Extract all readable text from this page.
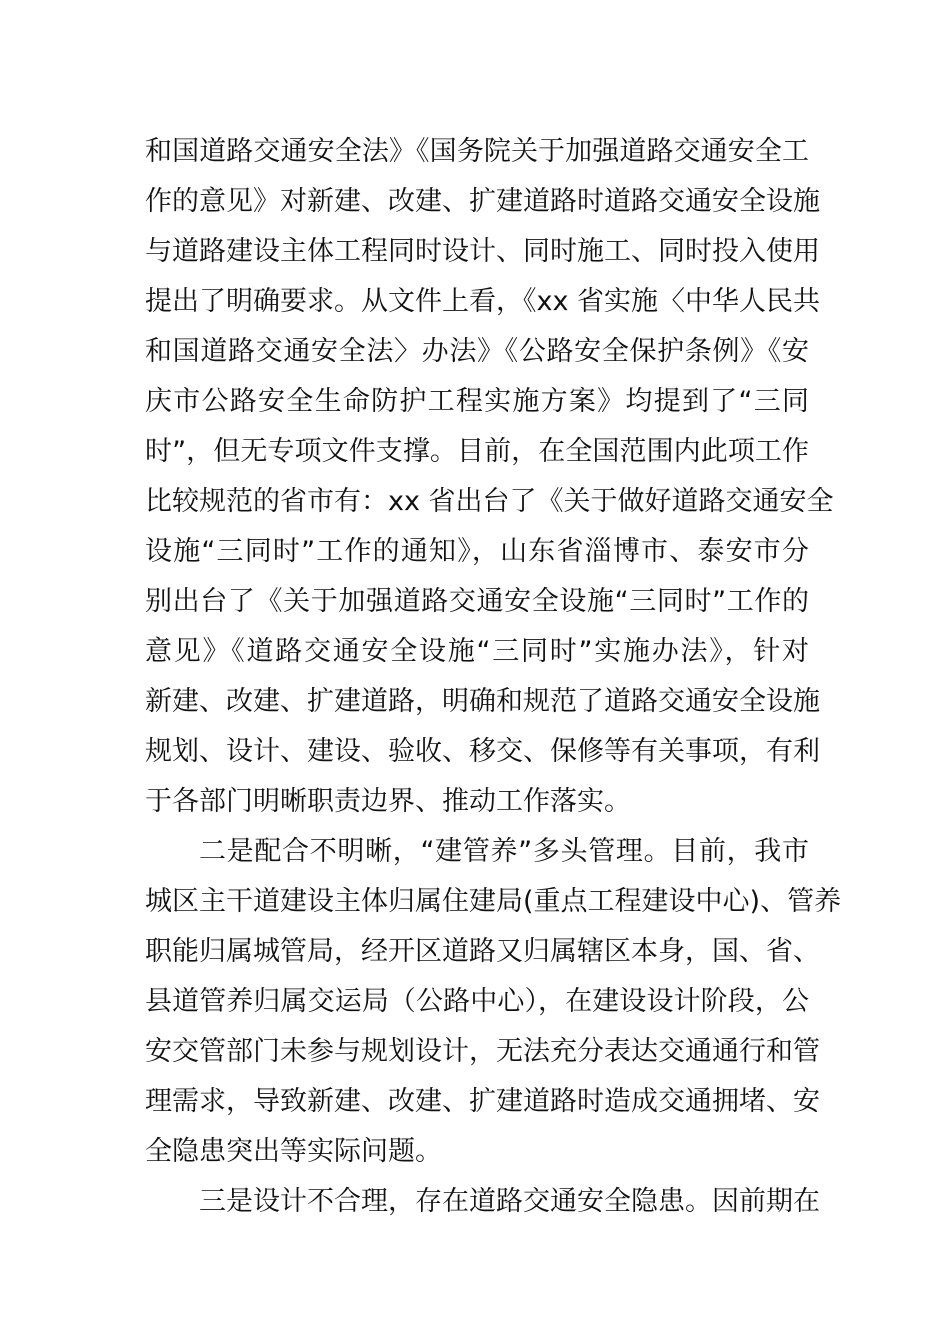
和国道路交通安全法》《国务院关于加强道路交通安全工
作的意见》对新建、改建、扩建道路时道路交通安全设施
与道路建设主体工程同时设计、同时施工、同时投入使用
提出了明确要求。从文件上看，《xx 省实施〈中华人民共
和国道路交通安全法〉办法》《公路安全保护条例》《安
庆市公路安全生命防护工程实施方案》均提到了“三同
时”，但无专项文件支撑。目前，在全国范围内此项工作
比较规范的省市有：xx 省出台了《关于做好道路交通安全
设施“三同时”工作的通知》，山东省淄博市、泰安市分
别出台了《关于加强道路交通安全设施“三同时”工作的
意见》《道路交通安全设施“三同时”实施办法》，针对
新建、改建、扩建道路，明确和规范了道路交通安全设施
规划、设计、建设、验收、移交、保修等有关事项，有利
于各部门明晰职责边界、推动工作落实。
二是配合不明晰，“建管养”多头管理。目前，我市
城区主干道建设主体归属住建局(重点工程建设中心)、管养
职能归属城管局，经开区道路又归属辖区本身，国、省、
县道管养归属交运局（公路中心），在建设设计阶段，公
安交管部门未参与规划设计，无法充分表达交通通行和管
理需求，导致新建、改建、扩建道路时造成交通拥堵、安
全隐患突出等实际问题。
三是设计不合理，存在道路交通安全隐患。因前期在
